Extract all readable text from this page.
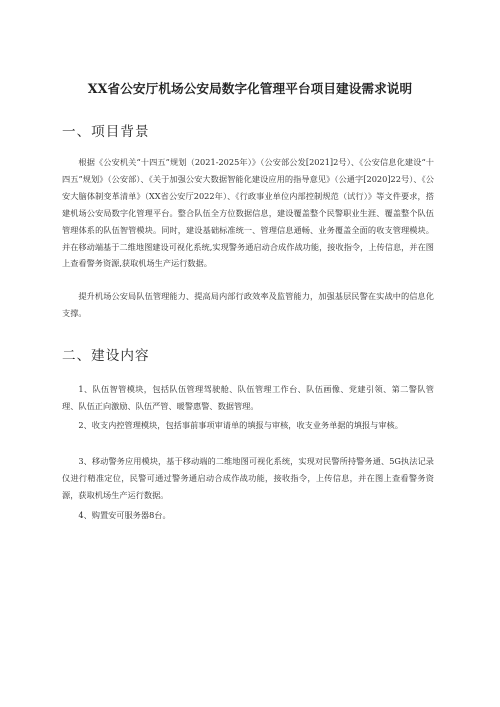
XX省公安厅机场公安局数字化管理平台项目建设需求说明
一、项目背景

根据《公安机关“十四五”规划（2021-2025年）》（公安部公发[2021]2号）、《公安信息化建设“十四五”规划》（公安部）、《关于加强公安大数据智能化建设应用的指导意见》（公通字[2020]22号）、《公安大脑体制变革清单》（XX省公安厅2022年）、《行政事业单位内部控制规范（试行）》等文件要求，搭建机场公安局数字化管理平台。整合队伍全方位数据信息，建设覆盖整个民警职业生涯、覆盖整个队伍管理体系的队伍智管模块。同时，建设基础标准统一、管理信息通畅、业务覆盖全面的收支管理模块。并在移动端基于二维地图建设可视化系统,实现警务通启动合成作战功能，接收指令，上传信息，并在图上查看警务资源,获取机场生产运行数据。

提升机场公安局队伍管理能力、提高局内部行政效率及监管能力，加强基层民警在实战中的信息化支撑。

二、建设内容

1、队伍智管模块，包括队伍管理驾驶舱、队伍管理工作台、队伍画像、党建引领、第二警队管理、队伍正向激励、队伍严管、暖警惠警、数据管理。

2、收支内控管理模块，包括事前事项审请单的填报与审核，收支业务单据的填报与审核。

3、移动警务应用模块，基于移动端的二维地图可视化系统，实现对民警所持警务通、5G执法记录仪进行精准定位，民警可通过警务通启动合成作战功能，接收指令，上传信息，并在图上查看警务资源，获取机场生产运行数据。

4、购置安可服务器8台。
